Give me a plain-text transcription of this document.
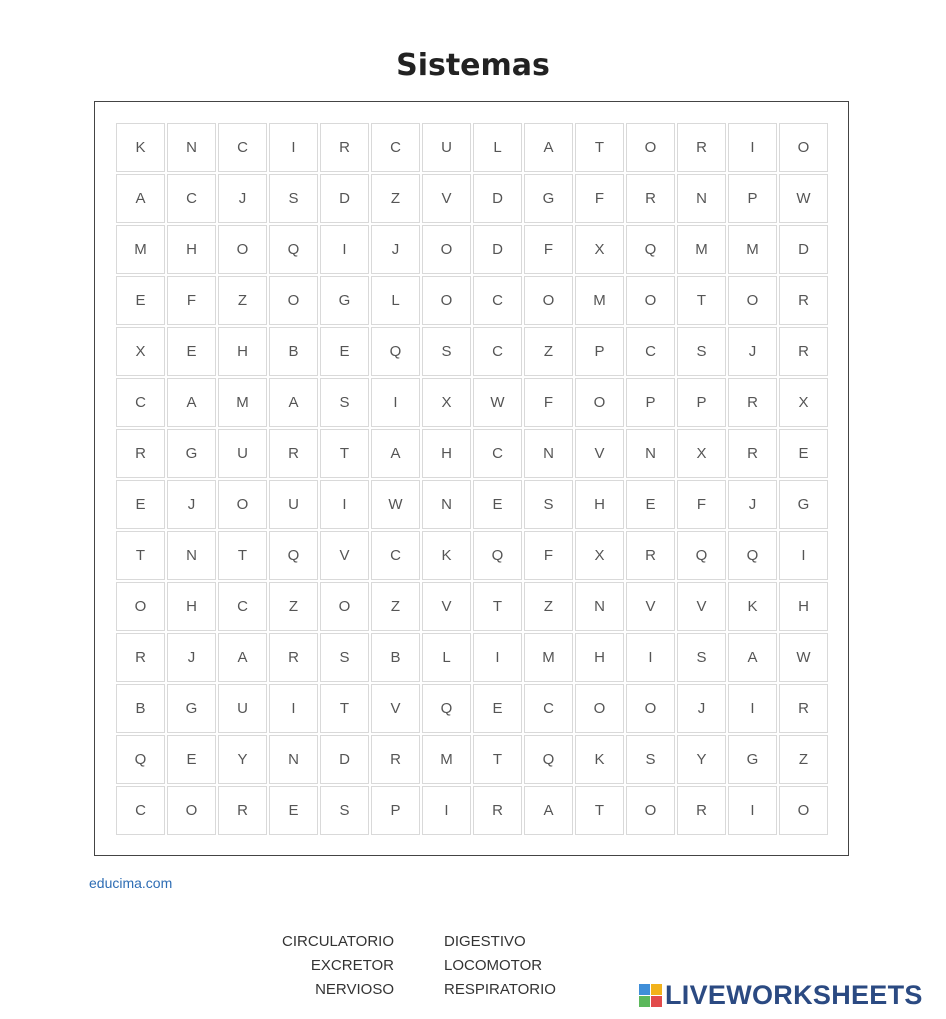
Sistemas
K	N	C	I	R	C	U	L	A	T	O	R	I	O
A	C	J	S	D	Z	V	D	G	F	R	N	P	W
M	H	O	Q	I	J	O	D	F	X	Q	M	M	D
E	F	Z	O	G	L	O	C	O	M	O	T	O	R
X	E	H	B	E	Q	S	C	Z	P	C	S	J	R
C	A	M	A	S	I	X	W	F	O	P	P	R	X
R	G	U	R	T	A	H	C	N	V	N	X	R	E
E	J	O	U	I	W	N	E	S	H	E	F	J	G
T	N	T	Q	V	C	K	Q	F	X	R	Q	Q	I
O	H	C	Z	O	Z	V	T	Z	N	V	V	K	H
R	J	A	R	S	B	L	I	M	H	I	S	A	W
B	G	U	I	T	V	Q	E	C	O	O	J	I	R
Q	E	Y	N	D	R	M	T	Q	K	S	Y	G	Z
C	O	R	E	S	P	I	R	A	T	O	R	I	O
educima.com
CIRCULATORIO
EXCRETOR
NERVIOSO
DIGESTIVO
LOCOMOTOR
RESPIRATORIO	LIVEWORKSHEETS
